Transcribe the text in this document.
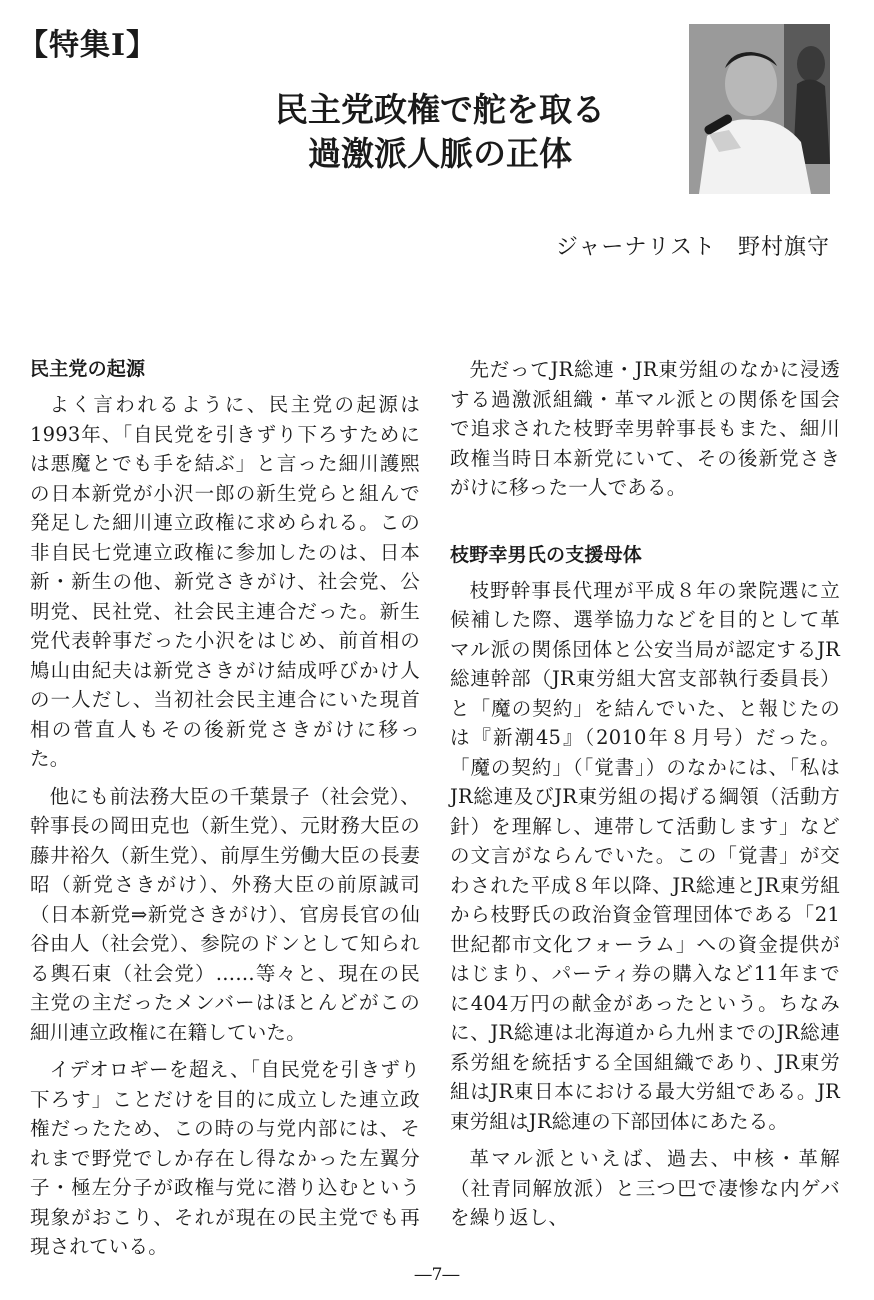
【特集Ⅰ】
民主党政権で舵を取る
過激派人脈の正体
ジャーナリスト 野村旗守
民主党の起源

よく言われるように、民主党の起源は1993年、「自民党を引きずり下ろすためには悪魔とでも手を結ぶ」と言った細川護煕の日本新党が小沢一郎の新生党らと組んで発足した細川連立政権に求められる。この非自民七党連立政権に参加したのは、日本新・新生の他、新党さきがけ、社会党、公明党、民社党、社会民主連合だった。新生党代表幹事だった小沢をはじめ、前首相の鳩山由紀夫は新党さきがけ結成呼びかけ人の一人だし、当初社会民主連合にいた現首相の菅直人もその後新党さきがけに移った。

他にも前法務大臣の千葉景子（社会党）、幹事長の岡田克也（新生党）、元財務大臣の藤井裕久（新生党）、前厚生労働大臣の長妻昭（新党さきがけ）、外務大臣の前原誠司（日本新党⇒新党さきがけ）、官房長官の仙谷由人（社会党）、参院のドンとして知られる輿石東（社会党）……等々と、現在の民主党の主だったメンバーはほとんどがこの細川連立政権に在籍していた。

イデオロギーを超え、「自民党を引きずり下ろす」ことだけを目的に成立した連立政権だったため、この時の与党内部には、それまで野党でしか存在し得なかった左翼分子・極左分子が政権与党に潜り込むという現象がおこり、それが現在の民主党でも再現されている。

先だってJR総連・JR東労組のなかに浸透する過激派組織・革マル派との関係を国会で追求された枝野幸男幹事長もまた、細川政権当時日本新党にいて、その後新党さきがけに移った一人である。

枝野幸男氏の支援母体

枝野幹事長代理が平成８年の衆院選に立候補した際、選挙協力などを目的として革マル派の関係団体と公安当局が認定するJR総連幹部（JR東労組大宮支部執行委員長）と「魔の契約」を結んでいた、と報じたのは『新潮45』（2010年８月号）だった。「魔の契約」（「覚書」）のなかには、「私はJR総連及びJR東労組の掲げる綱領（活動方針）を理解し、連帯して活動します」などの文言がならんでいた。この「覚書」が交わされた平成８年以降、JR総連とJR東労組から枝野氏の政治資金管理団体である「21世紀都市文化フォーラム」への資金提供がはじまり、パーティ券の購入など11年までに404万円の献金があったという。ちなみに、JR総連は北海道から九州までのJR総連系労組を統括する全国組織であり、JR東労組はJR東日本における最大労組である。JR東労組はJR総連の下部団体にあたる。

革マル派といえば、過去、中核・革解（社青同解放派）と三つ巴で凄惨な内ゲバを繰り返し、

―7―
